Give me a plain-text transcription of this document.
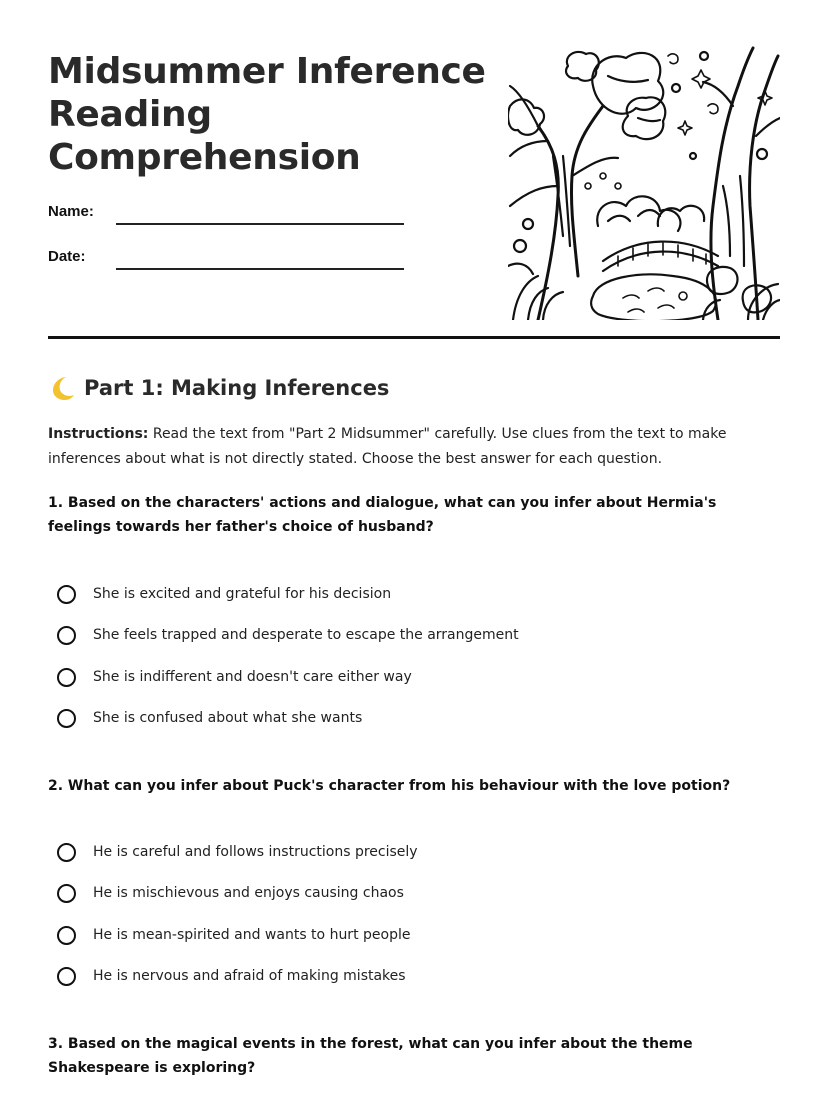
Midsummer Inference Reading Comprehension
Name:
Date:
Part 1: Making Inferences
Instructions: Read the text from "Part 2 Midsummer" carefully. Use clues from the text to make inferences about what is not directly stated. Choose the best answer for each question.
1. Based on the characters' actions and dialogue, what can you infer about Hermia's feelings towards her father's choice of husband?
She is excited and grateful for his decision
She feels trapped and desperate to escape the arrangement
She is indifferent and doesn't care either way
She is confused about what she wants
2. What can you infer about Puck's character from his behaviour with the love potion?
He is careful and follows instructions precisely
He is mischievous and enjoys causing chaos
He is mean-spirited and wants to hurt people
He is nervous and afraid of making mistakes
3. Based on the magical events in the forest, what can you infer about the theme Shakespeare is exploring?
